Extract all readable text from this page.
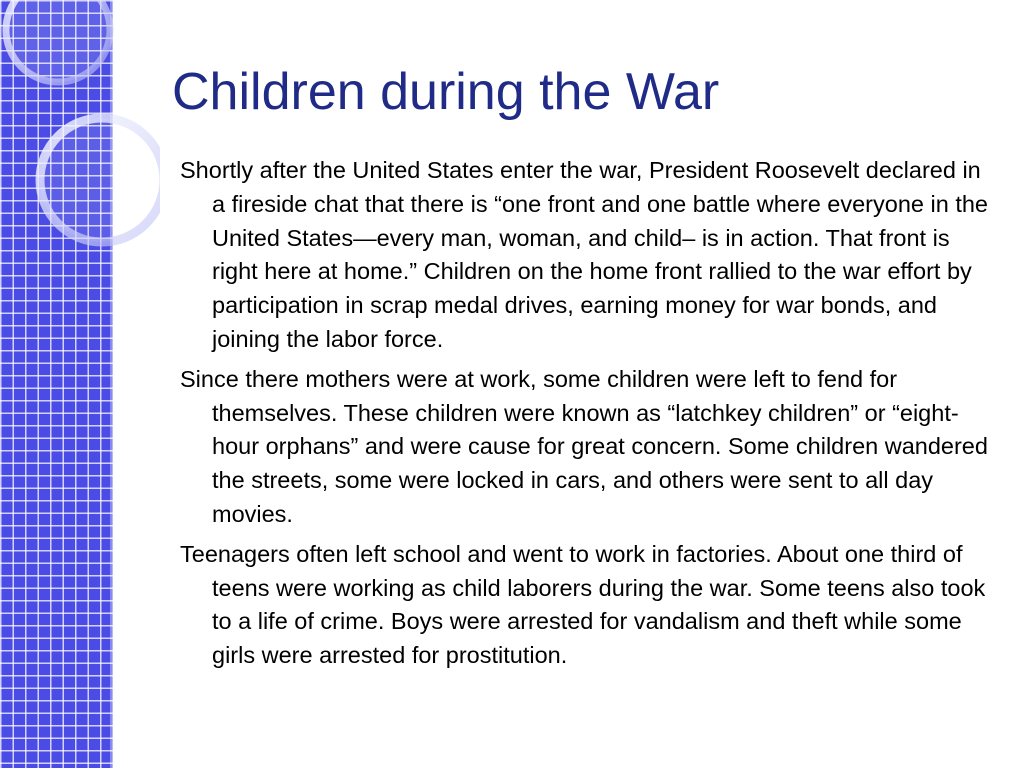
Children during the War

Shortly after the United States enter the war, President Roosevelt declared in a fireside chat that there is “one front and one battle where everyone in the United States—every man, woman, and child– is in action. That front is right here at home.” Children on the home front rallied to the war effort by participation in scrap medal drives, earning money for war bonds, and joining the labor force.

Since there mothers were at work, some children were left to fend for themselves. These children were known as “latchkey children” or “eight- hour orphans” and were cause for great concern. Some children wandered the streets, some were locked in cars, and others were sent to all day movies.

Teenagers often left school and went to work in factories. About one third of teens were working as child laborers during the war. Some teens also took to a life of crime. Boys were arrested for vandalism and theft while some girls were arrested for prostitution.
